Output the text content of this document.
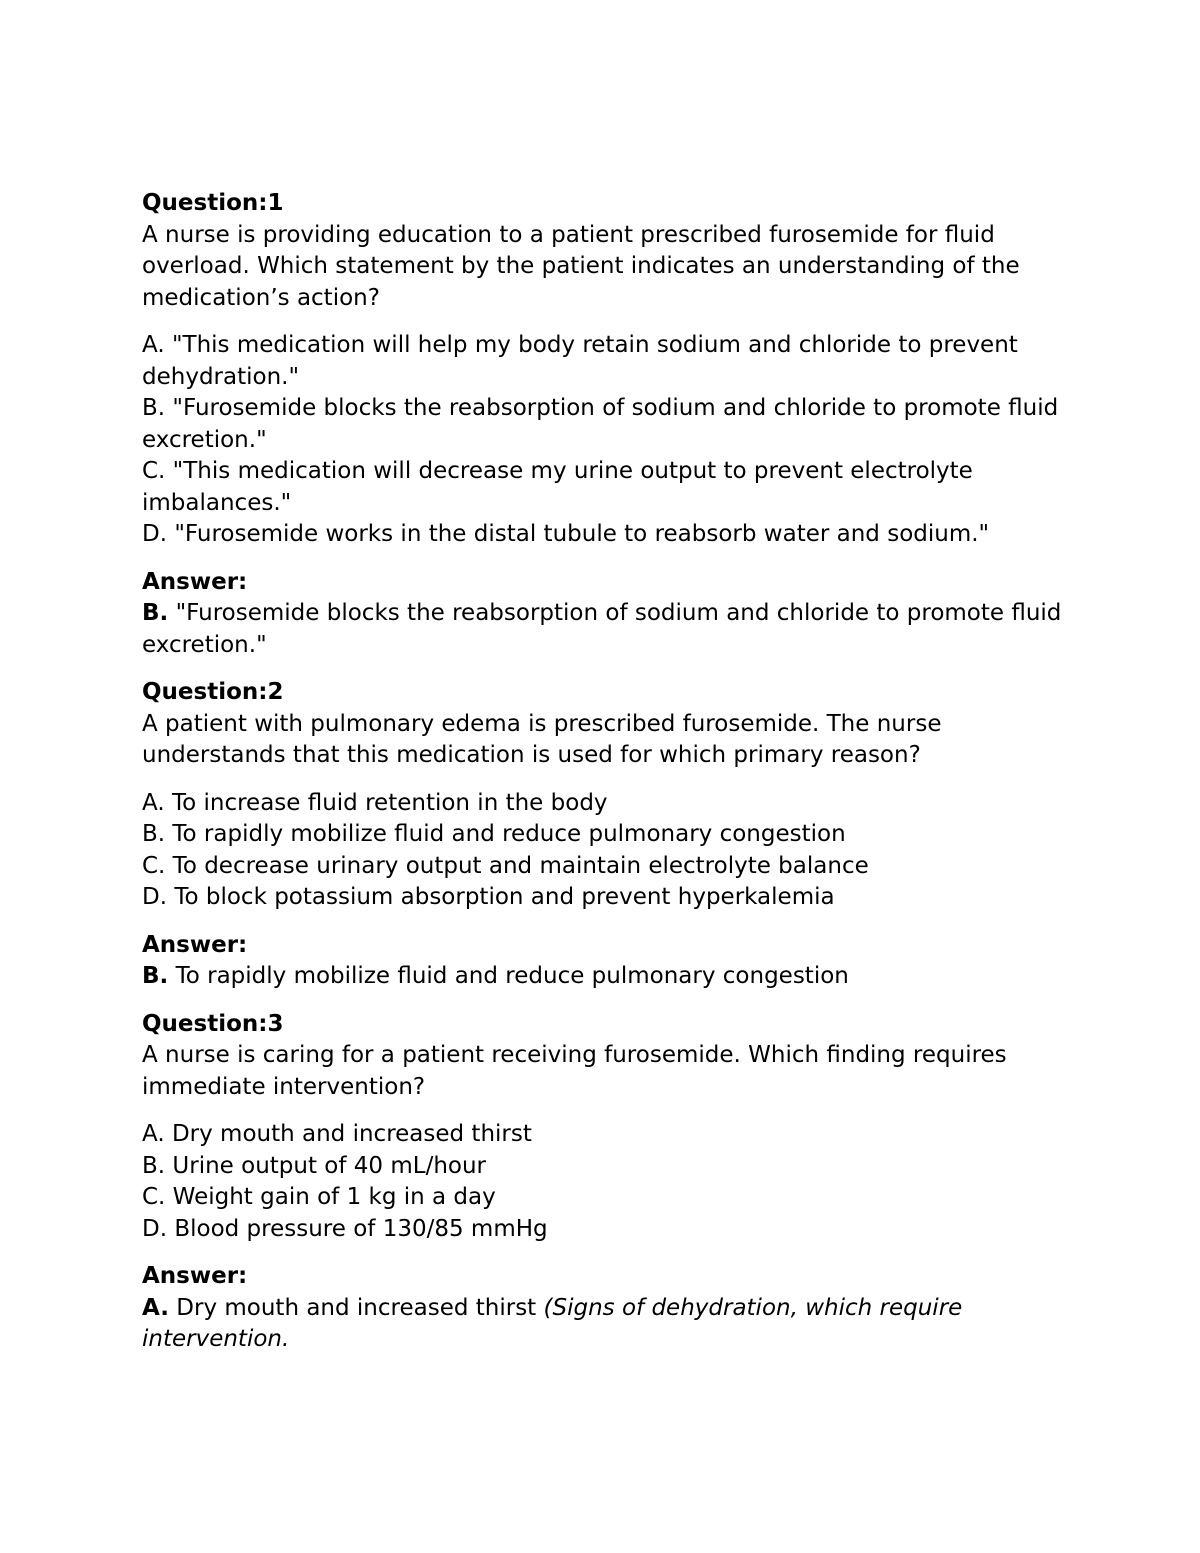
Question:1
A nurse is providing education to a patient prescribed furosemide for fluid overload. Which statement by the patient indicates an understanding of the medication’s action?
A. "This medication will help my body retain sodium and chloride to prevent dehydration."
B. "Furosemide blocks the reabsorption of sodium and chloride to promote fluid excretion."
C. "This medication will decrease my urine output to prevent electrolyte imbalances."
D. "Furosemide works in the distal tubule to reabsorb water and sodium."
Answer:
B. "Furosemide blocks the reabsorption of sodium and chloride to promote fluid excretion."
Question:2
A patient with pulmonary edema is prescribed furosemide. The nurse understands that this medication is used for which primary reason?
A. To increase fluid retention in the body
B. To rapidly mobilize fluid and reduce pulmonary congestion
C. To decrease urinary output and maintain electrolyte balance
D. To block potassium absorption and prevent hyperkalemia
Answer:
B. To rapidly mobilize fluid and reduce pulmonary congestion
Question:3
A nurse is caring for a patient receiving furosemide. Which finding requires immediate intervention?
A. Dry mouth and increased thirst
B. Urine output of 40 mL/hour
C. Weight gain of 1 kg in a day
D. Blood pressure of 130/85 mmHg
Answer:
A. Dry mouth and increased thirst (Signs of dehydration, which require intervention.
